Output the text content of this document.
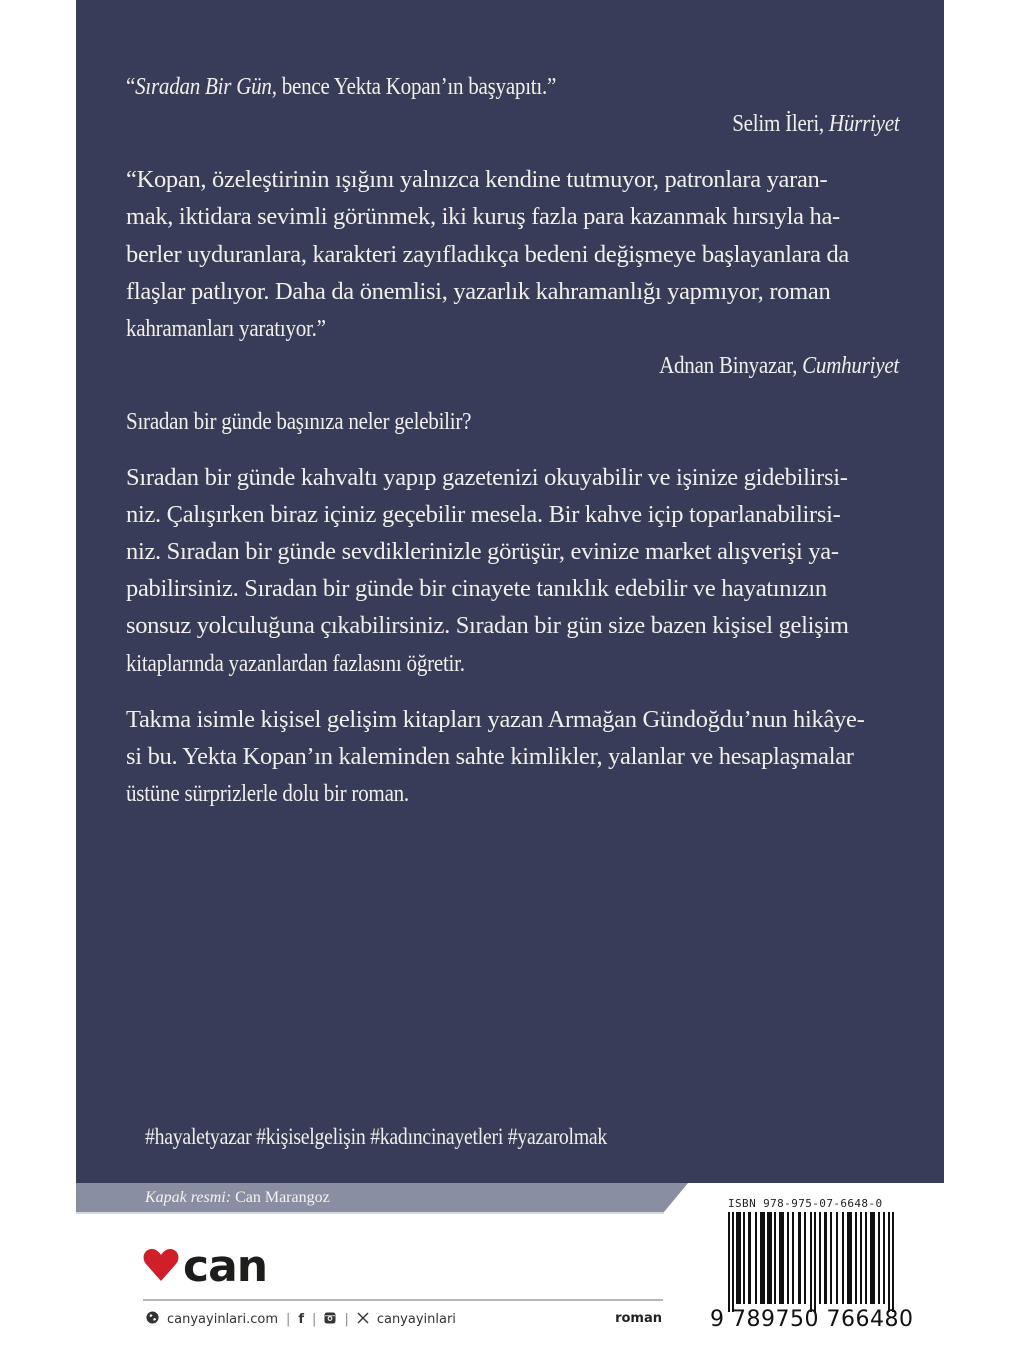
“Sıradan Bir Gün, bence Yekta Kopan’ın başyapıtı.”
Selim İleri, Hürriyet
“Kopan, özeleştirinin ışığını yalnızca kendine tutmuyor, patronlara yaran-
mak, iktidara sevimli görünmek, iki kuruş fazla para kazanmak hırsıyla ha-
berler uyduranlara, karakteri zayıfladıkça bedeni değişmeye başlayanlara da
flaşlar patlıyor. Daha da önemlisi, yazarlık kahramanlığı yapmıyor, roman
kahramanları yaratıyor.”
Adnan Binyazar, Cumhuriyet
Sıradan bir günde başınıza neler gelebilir?
Sıradan bir günde kahvaltı yapıp gazetenizi okuyabilir ve işinize gidebilirsi-
niz. Çalışırken biraz içiniz geçebilir mesela. Bir kahve içip toparlanabilirsi-
niz. Sıradan bir günde sevdiklerinizle görüşür, evinize market alışverişi ya-
pabilirsiniz. Sıradan bir günde bir cinayete tanıklık edebilir ve hayatınızın
sonsuz yolculuğuna çıkabilirsiniz. Sıradan bir gün size bazen kişisel gelişim
kitaplarında yazanlardan fazlasını öğretir.
Takma isimle kişisel gelişim kitapları yazan Armağan Gündoğdu’nun hikâye-
si bu. Yekta Kopan’ın kaleminden sahte kimlikler, yalanlar ve hesaplaşmalar
üstüne sürprizlerle dolu bir roman.
#hayaletyazar #kişiselgelişin #kadıncinayetleri #yazarolmak
Kapak resmi: Can Marangoz
can
canyayinlari.com | f | | canyayinlari	roman
ISBN 978-975-07-6648-0
9 789750 766480
